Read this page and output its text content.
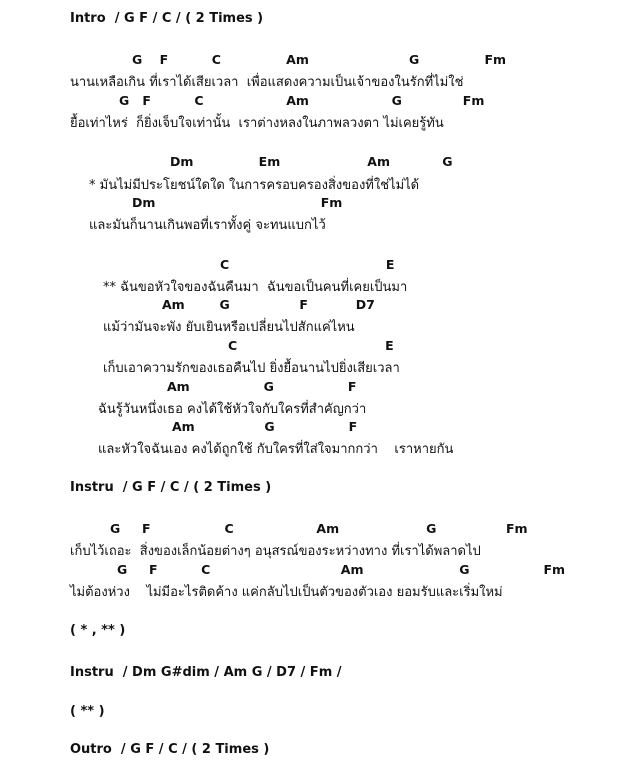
Intro  / G F / C / ( 2 Times )
G    F          C               Am                       G               Fm
นานเหลือเกิน ที่เราได้เสียเวลา  เพื่อแสดงความเป็นเจ้าของในรักที่ไม่ใช่
G   F          C                   Am                   G              Fm
ยื้อเท่าไหร่  ก็ยิ่งเจ็บใจเท่านั้น  เราต่างหลงในภาพลวงตา ไม่เคยรู้ทัน
Dm               Em                    Am            G
* มันไม่มีประโยชน์ใดใด ในการครอบครองสิ่งของที่ใช่ไม่ได้
Dm                                      Fm
และมันก็นานเกินพอที่เราทั้งคู่ จะทนแบกไว้
C                                    E
** ฉันขอหัวใจของฉันคืนมา  ฉันขอเป็นคนที่เคยเป็นมา
Am        G                F           D7
แม้ว่ามันจะพัง ยับเยินหรือเปลี่ยนไปสักแค่ไหน
C                                  E
เก็บเอาความรักของเธอคืนไป ยิ่งยื้อนานไปยิ่งเสียเวลา
Am                 G                 F
ฉันรู้วันหนึ่งเธอ คงได้ใช้หัวใจกับใครที่สำคัญกว่า
Am                G                 F
และหัวใจฉันเอง คงได้ถูกใช้ กับใครที่ใส่ใจมากกว่า    เราหายกัน
Instru  / G F / C / ( 2 Times )
G     F                 C                   Am                    G                Fm
เก็บไว้เถอะ  สิ่งของเล็กน้อยต่างๆ อนุสรณ์ของระหว่างทาง ที่เราได้พลาดไป
G     F          C                              Am                      G                 Fm
ไม่ต้องห่วง    ไม่มีอะไรติดค้าง แค่กลับไปเป็นตัวของตัวเอง ยอมรับและเริ่มใหม่
( * , ** )
Instru  / Dm G#dim / Am G / D7 / Fm /
( ** )
Outro  / G F / C / ( 2 Times )
